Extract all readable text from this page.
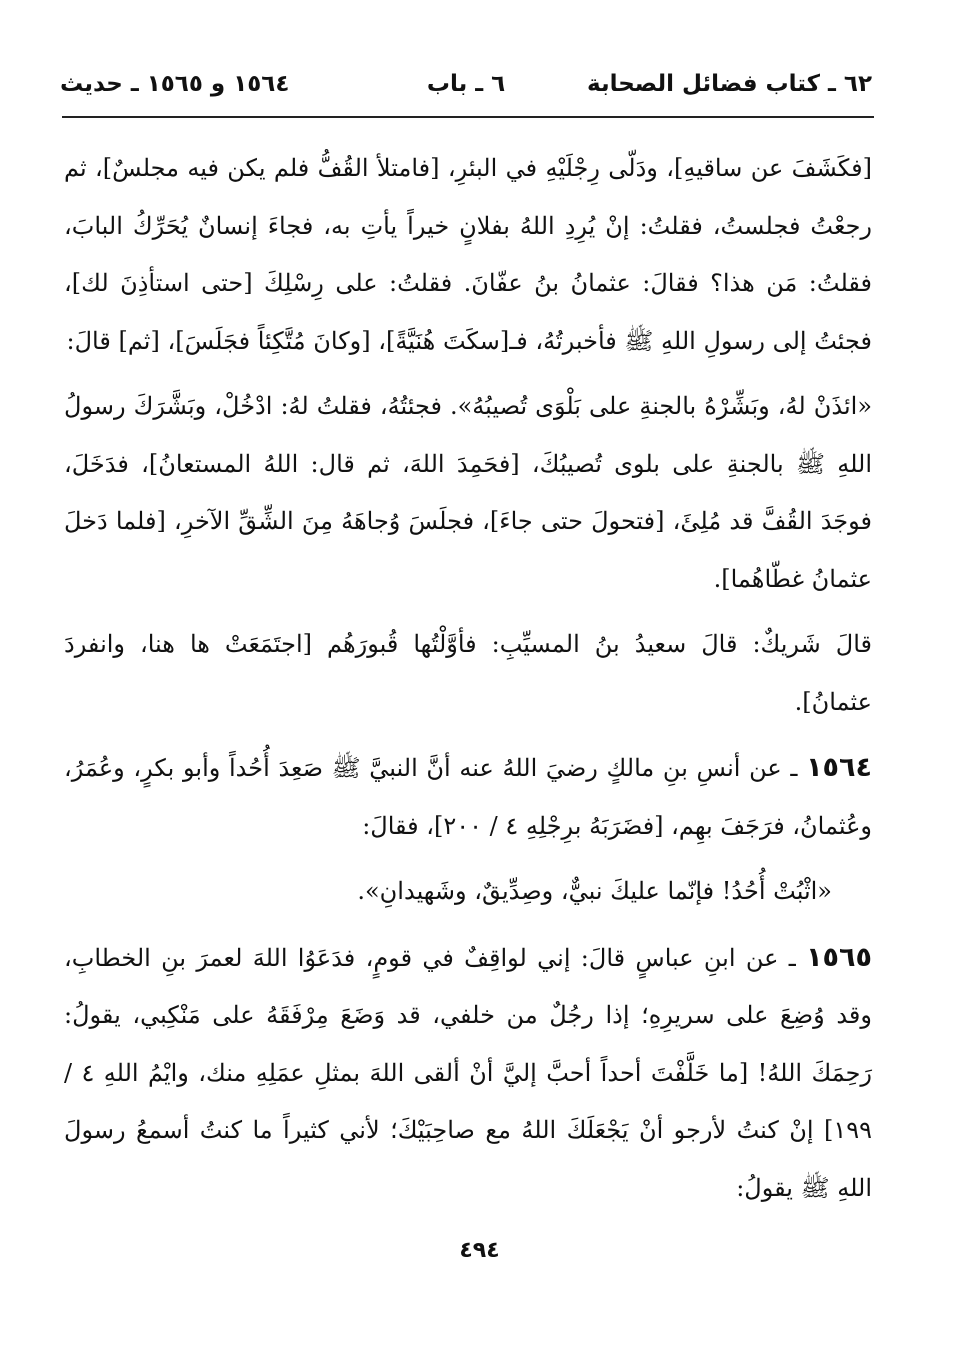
٦٢ ـ كتاب فضائل الصحابة
٦ ـ باب
١٥٦٤ و ١٥٦٥ ـ حديث

[فكَشَفَ عن ساقيهِ]، ودَلّى رِجْلَيْهِ في البئرِ، [فامتلأ القُفُّ فلم يكن فيه مجلسٌ]، ثم رجعْتُ فجلستُ، فقلتُ: إنْ يُرِدِ اللهُ بفلانٍ خيراً يأتِ به، فجاءَ إنسانٌ يُحَرِّكُ البابَ، فقلتُ: مَن هذا؟ فقالَ: عثمانُ بنُ عفّانَ. فقلتُ: على رِسْلِكَ [حتى استأذِنَ لك]، فجئتُ إلى رسولِ اللهِ ﷺ فأخبرتُهُ، فـ[سكَتَ هُنَيَّةً]، [وكانَ مُتَّكِئاً فجَلَسَ]، [ثم] قالَ:

«ائذَنْ لهُ، وبَشِّرْهُ بالجنةِ على بَلْوَى تُصيبُهُ». فجئتُهُ، فقلتُ لهُ: ادْخُلْ، وبَشَّرَكَ رسولُ اللهِ ﷺ بالجنةِ على بلوى تُصيبُكَ، [فحَمِدَ اللهَ، ثم قال: اللهُ المستعانُ]، فدَخَلَ، فوجَدَ القُفَّ قد مُلِئَ، [فتحولَ حتى جاءَ]، فجلَسَ وُجاهَهُ مِنَ الشِّقِّ الآخرِ، [فلما دَخلَ عثمانُ غطّاهُما].

قالَ شَريكٌ: قالَ سعيدُ بنُ المسيِّبِ: فأوَّلْتُها قُبورَهُم [اجتَمَعَتْ ها هنا، وانفردَ عثمانُ].

١٥٦٤ ـ عن أنسِ بنِ مالكٍ رضيَ اللهُ عنه أنَّ النبيَّ ﷺ صَعِدَ أُحُداً وأبو بكرٍ، وعُمَرُ، وعُثمانُ، فرَجَفَ بهِم، [فضَرَبَهُ برِجْلِهِ ٤ / ٢٠٠]، فقالَ:

«اثْبُتْ أُحُدُ! فإنّما عليكَ نبيٌّ، وصِدِّيقٌ، وشَهيدانِ».

١٥٦٥ ـ عن ابنِ عباسٍ قالَ: إني لواقِفٌ في قومٍ، فدَعَوُا اللهَ لعمرَ بنِ الخطابِ، وقد وُضِعَ على سريرِهِ؛ إذا رجُلٌ من خلفي، قد وَضَعَ مِرْفَقَهُ على مَنْكِبي، يقولُ: رَحِمَكَ اللهُ! [ما خَلَّفْتَ أحداً أحبَّ إليَّ أنْ ألقى اللهَ بمثلِ عمَلِهِ منك، وايْمُ اللهِ ٤ / ١٩٩] إنْ كنتُ لأرجو أنْ يَجْعَلَكَ اللهُ مع صاحِبَيْكَ؛ لأني كثيراً ما كنتُ أسمعُ رسولَ اللهِ ﷺ يقولُ:

٤٩٤
